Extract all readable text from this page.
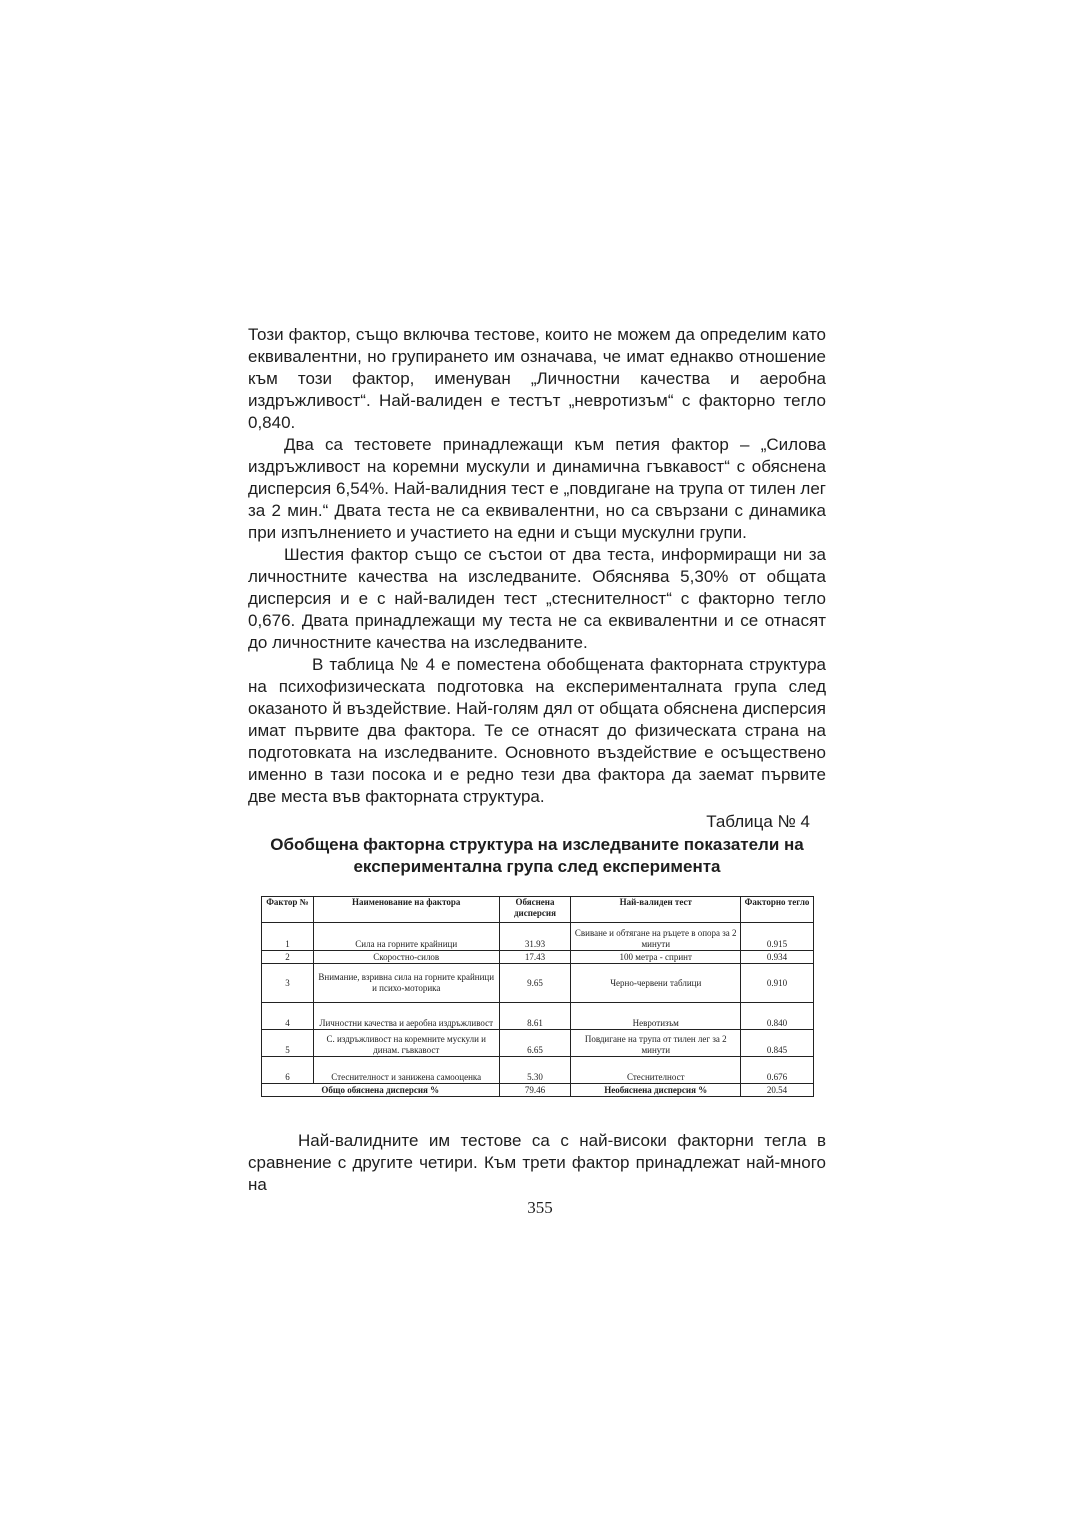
Този фактор, също включва тестове, които не можем да определим като еквивалентни, но групирането им означава, че имат еднакво отношение към този фактор, именуван „Личностни качества и аеробна издръжливост“. Най-валиден е тестът „невротизъм“ с факторно тегло 0,840.

Два са тестовете принадлежащи към петия фактор – „Силова издръжливост на коремни мускули и динамична гъвкавост“ с обяснена дисперсия 6,54%. Най-валидния тест е „повдигане на трупа от тилен лег за 2 мин.“ Двата теста не са еквивалентни, но са свързани с динамика при изпълнението и участието на едни и същи мускулни групи.

Шестия фактор също се състои от два теста, информиращи ни за личностните качества на изследваните. Обяснява 5,30% от общата дисперсия и е с най-валиден тест „стеснителност“ с факторно тегло 0,676. Двата принадлежащи му теста не са еквивалентни и се отнасят до личностните качества на изследваните.

В таблица № 4 е поместена обобщената факторната структура на психофизическата подготовка на експерименталната група след оказаното й въздействие. Най-голям дял от общата обяснена дисперсия имат първите два фактора. Те се отнасят до физическата страна на подготовката на изследваните. Основното въздействие е осъществено именно в тази посока и е редно тези два фактора да заемат първите две места във факторната структура.

Таблица № 4
Обобщена факторна структура на изследваните показатели на
експериментална група след експеримента
Фактор №	Наименование на фактора	Обяснена дисперсия	Най-валиден тест	Факторно тегло
1	Сила на горните крайници	31.93	Свиване и обтягане на ръцете в опора за 2 минути	0.915
2	Скоростно-силов	17.43	100 метра - спринт	0.934
3	Внимание, взривна сила на горните крайници и психо-моторика	9.65	Черно-червени таблици	0.910
4	Личностни качества и аеробна издръжливост	8.61	Невротизъм	0.840
5	С. издръжливост на коремните мускули и динам. гъвкавост	6.65	Повдигане на трупа от тилен лег за 2 минути	0.845
6	Стеснителност и занижена самооценка	5.30	Стеснителност	0.676
Общо обяснена дисперсия %		79.46	Необяснена дисперсия %	20.54

Най-валидните им тестове са с най-високи факторни тегла в сравнение с другите четири. Към трети фактор принадлежат най-много на

355
